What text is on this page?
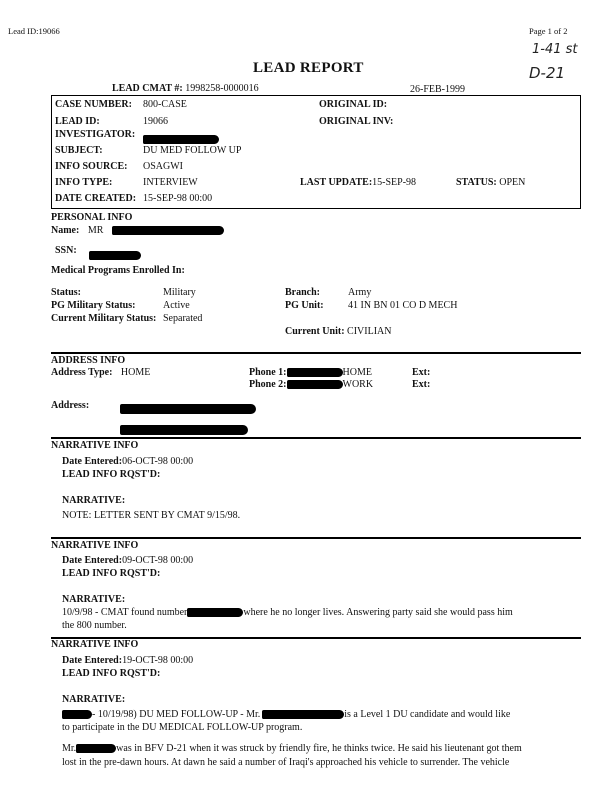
Lead ID:19066	Page 1 of 2
1-41 st
D-21
LEAD REPORT
LEAD CMAT #: 1998258-0000016	26-FEB-1999
CASE NUMBER: 800-CASE	ORIGINAL ID:
LEAD ID:	19066	ORIGINAL INV:
INVESTIGATOR:
SUBJECT:	DU MED FOLLOW UP
INFO SOURCE: OSAGWI
INFO TYPE:	INTERVIEW	LAST UPDATE:15-SEP-98	STATUS: OPEN
DATE CREATED: 15-SEP-98 00:00
PERSONAL INFO
Name: MR
SSN:
Medical Programs Enrolled In:
Status:	Military
PG Military Status:	Active
Current Military Status: Separated
Branch:	Army
PG Unit: 41 IN BN 01 CO D MECH
Current Unit: CIVILIAN
ADDRESS INFO
Address Type: HOME	Phone 1:	HOME	Ext:
Phone 2:	WORK	Ext:
Address:
NARRATIVE INFO
Date Entered:06-OCT-98 00:00
LEAD INFO RQST'D:
NARRATIVE:
NOTE: LETTER SENT BY CMAT 9/15/98.
NARRATIVE INFO
Date Entered:09-OCT-98 00:00
LEAD INFO RQST'D:
NARRATIVE:
10/9/98 - CMAT found number	where he no longer lives. Answering party said she would pass him
the 800 number.
NARRATIVE INFO
Date Entered:19-OCT-98 00:00
LEAD INFO RQST'D:
NARRATIVE:
- 10/19/98) DU MED FOLLOW-UP - Mr.	is a Level 1 DU candidate and would like
to participate in the DU MEDICAL FOLLOW-UP program.
Mr.	was in BFV D-21 when it was struck by friendly fire, he thinks twice. He said his lieutenant got them
lost in the pre-dawn hours. At dawn he said a number of Iraqi's approached his vehicle to surrender. The vehicle
